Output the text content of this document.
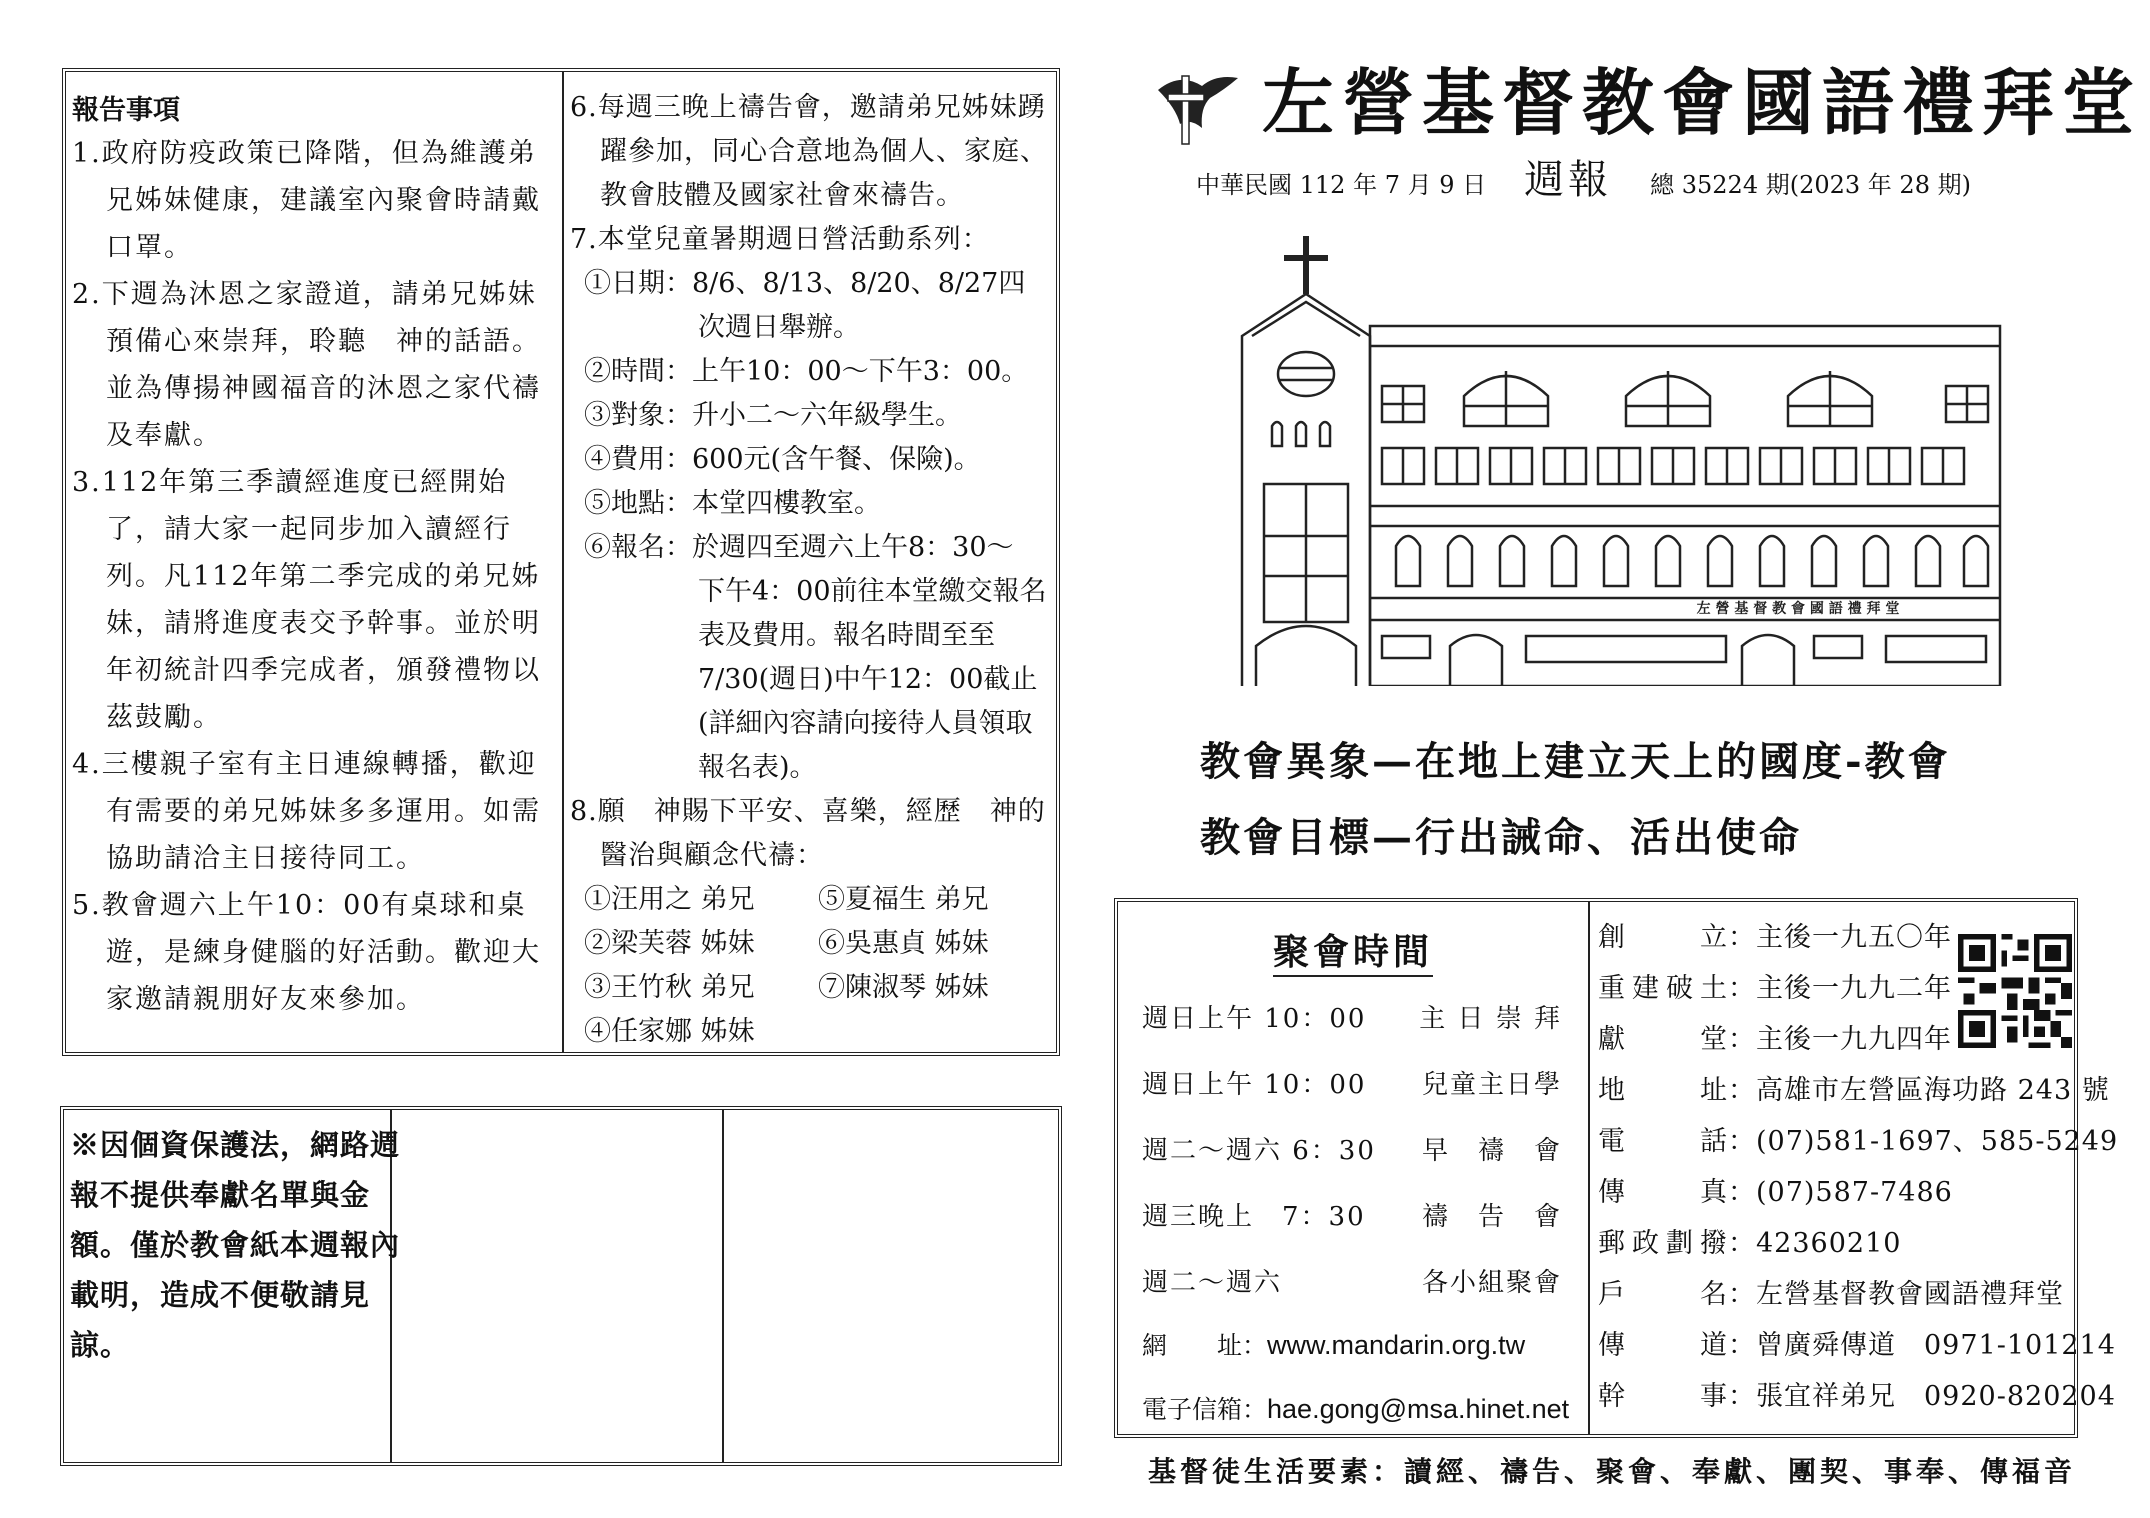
報告事項
1.政府防疫政策已降階，但為維護弟兄姊妹健康，建議室內聚會時請戴口罩。
2.下週為沐恩之家證道，請弟兄姊妹預備心來崇拜，聆聽　神的話語。並為傳揚神國福音的沐恩之家代禱及奉獻。
3.112年第三季讀經進度已經開始了，請大家一起同步加入讀經行列。凡112年第二季完成的弟兄姊妹，請將進度表交予幹事。並於明年初統計四季完成者，頒發禮物以茲鼓勵。
4.三樓親子室有主日連線轉播，歡迎有需要的弟兄姊妹多多運用。如需協助請洽主日接待同工。
5.教會週六上午10：00有桌球和桌遊，是練身健腦的好活動。歡迎大家邀請親朋好友來參加。
6.每週三晚上禱告會，邀請弟兄姊妹踴躍參加，同心合意地為個人、家庭、教會肢體及國家社會來禱告。
7.本堂兒童暑期週日營活動系列：
①日期：8/6、8/13、8/20、8/27四
次週日舉辦。
②時間：上午10：00～下午3：00。
③對象：升小二～六年級學生。
④費用：600元(含午餐、保險)。
⑤地點：本堂四樓教室。
⑥報名：於週四至週六上午8：30～
下午4：00前往本堂繳交報名表及費用。報名時間至至7/30(週日)中午12：00截止(詳細內容請向接待人員領取報名表)。
8.願　神賜下平安、喜樂，經歷　神的醫治與顧念代禱：
①汪用之 弟兄	⑤夏福生 弟兄
②梁芙蓉 姊妹	⑥吳惠貞 姊妹
③王竹秋 弟兄	⑦陳淑琴 姊妹
④任家娜 姊妹
※因個資保護法，網路週報不提供奉獻名單與金額。僅於教會紙本週報內載明，造成不便敬請見諒。
左營基督教會國語禮拜堂
中華民國 112 年 7 月 9 日 週報 總 35224 期(2023 年 28 期)
左 營 基 督 教 會 國 語 禮 拜 堂
教會異象—在地上建立天上的國度-教會
教會目標—行出誡命、活出使命
聚會時間
週日上午 10：00 主 日 崇 拜
週日上午 10：00 兒童主日學
週二～週六 6：30 早　禱　會
週三晚上　7：30 禱　告　會
週二～週六	各小組聚會
網　　址：www.mandarin.org.tw
電子信箱：hae.gong@msa.hinet.net
創立：主後一九五〇年
重建破土：主後一九九二年
獻堂：主後一九九四年
地址：高雄市左營區海功路 243 號
電話：(07)581-1697、585-5249
傳真：(07)587-7486
郵政劃撥：42360210
戶名：左營基督教會國語禮拜堂
傳道：曾廣舜傳道　0971-101214
幹事：張宜祥弟兄　0920-820204
基督徒生活要素：讀經、禱告、聚會、奉獻、團契、事奉、傳福音
